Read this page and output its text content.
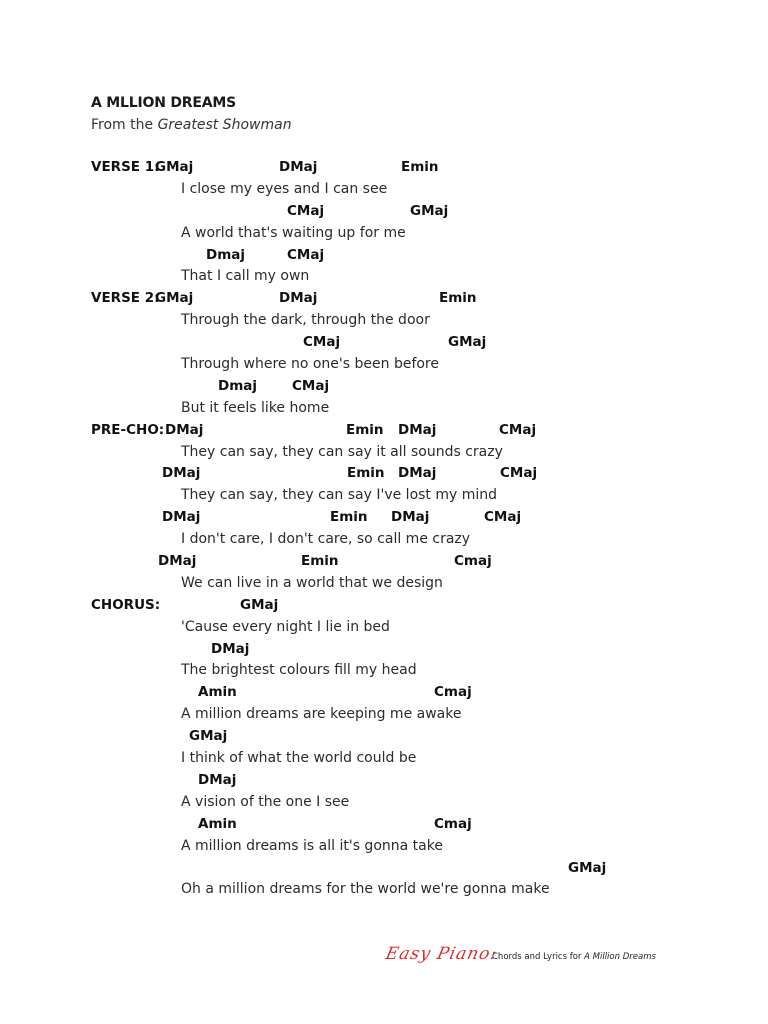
A MLLION DREAMS
From the Greatest Showman
VERSE 1:
GMaj	DMaj	Emin
I close my eyes and I can see
CMaj	GMaj
A world that's waiting up for me
Dmaj	CMaj
That I call my own
VERSE 2:
GMaj	DMaj	Emin
Through the dark, through the door
CMaj	GMaj
Through where no one's been before
Dmaj	CMaj
But it feels like home
PRE-CHO: DMaj	Emin DMaj	CMaj
They can say, they can say it all sounds crazy
DMaj	Emin DMaj	CMaj
They can say, they can say I've lost my mind
DMaj	Emin DMaj	CMaj
I don't care, I don't care, so call me crazy
DMaj	Emin	Cmaj
We can live in a world that we design
CHORUS:	GMaj
'Cause every night I lie in bed
DMaj
The brightest colours fill my head
Amin	Cmaj
A million dreams are keeping me awake
GMaj
I think of what the world could be
DMaj
A vision of the one I see
Amin	Cmaj
A million dreams is all it's gonna take
GMaj
Oh a million dreams for the world we're gonna make
Easy Piano:
Chords and Lyrics for A Million Dreams
